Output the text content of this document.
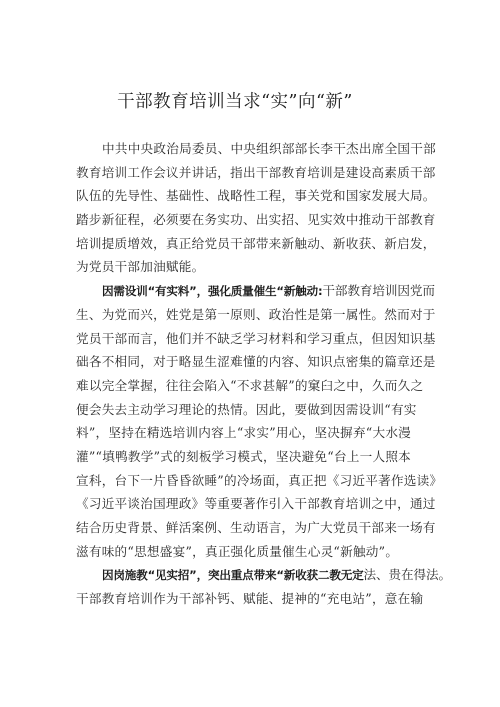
干部教育培训当求“实”向“新”
中共中央政治局委员、中央组织部部长李干杰出席全国干部
教育培训工作会议并讲话，指出干部教育培训是建设高素质干部
队伍的先导性、基础性、战略性工程，事关党和国家发展大局。
踏步新征程，必须要在务实功、出实招、见实效中推动干部教育
培训提质增效，真正给党员干部带来新触动、新收获、新启发，
为党员干部加油赋能。
因需设训“有实料”，强化质量催生“新触动:干部教育培训因党而
生、为党而兴，姓党是第一原则、政治性是第一属性。然而对于
党员干部而言，他们并不缺乏学习材料和学习重点，但因知识基
础各不相同，对于略显生涩难懂的内容、知识点密集的篇章还是
难以完全掌握，往往会陷入“不求甚解”的窠臼之中，久而久之
便会失去主动学习理论的热情。因此，要做到因需设训“有实
料”，坚持在精选培训内容上“求实”用心，坚决摒弃“大水漫
灌”“填鸭教学”式的刻板学习模式，坚决避免“台上一人照本
宣科，台下一片昏昏欲睡”的冷场面，真正把《习近平著作选读》
《习近平谈治国理政》等重要著作引入干部教育培训之中，通过
结合历史背景、鲜活案例、生动语言，为广大党员干部来一场有
滋有味的“思想盛宴”，真正强化质量催生心灵“新触动”。
因岗施教“见实招”，突出重点带来“新收获二教无定法、贵在得法。
干部教育培训作为干部补钙、赋能、提神的“充电站”，意在输
